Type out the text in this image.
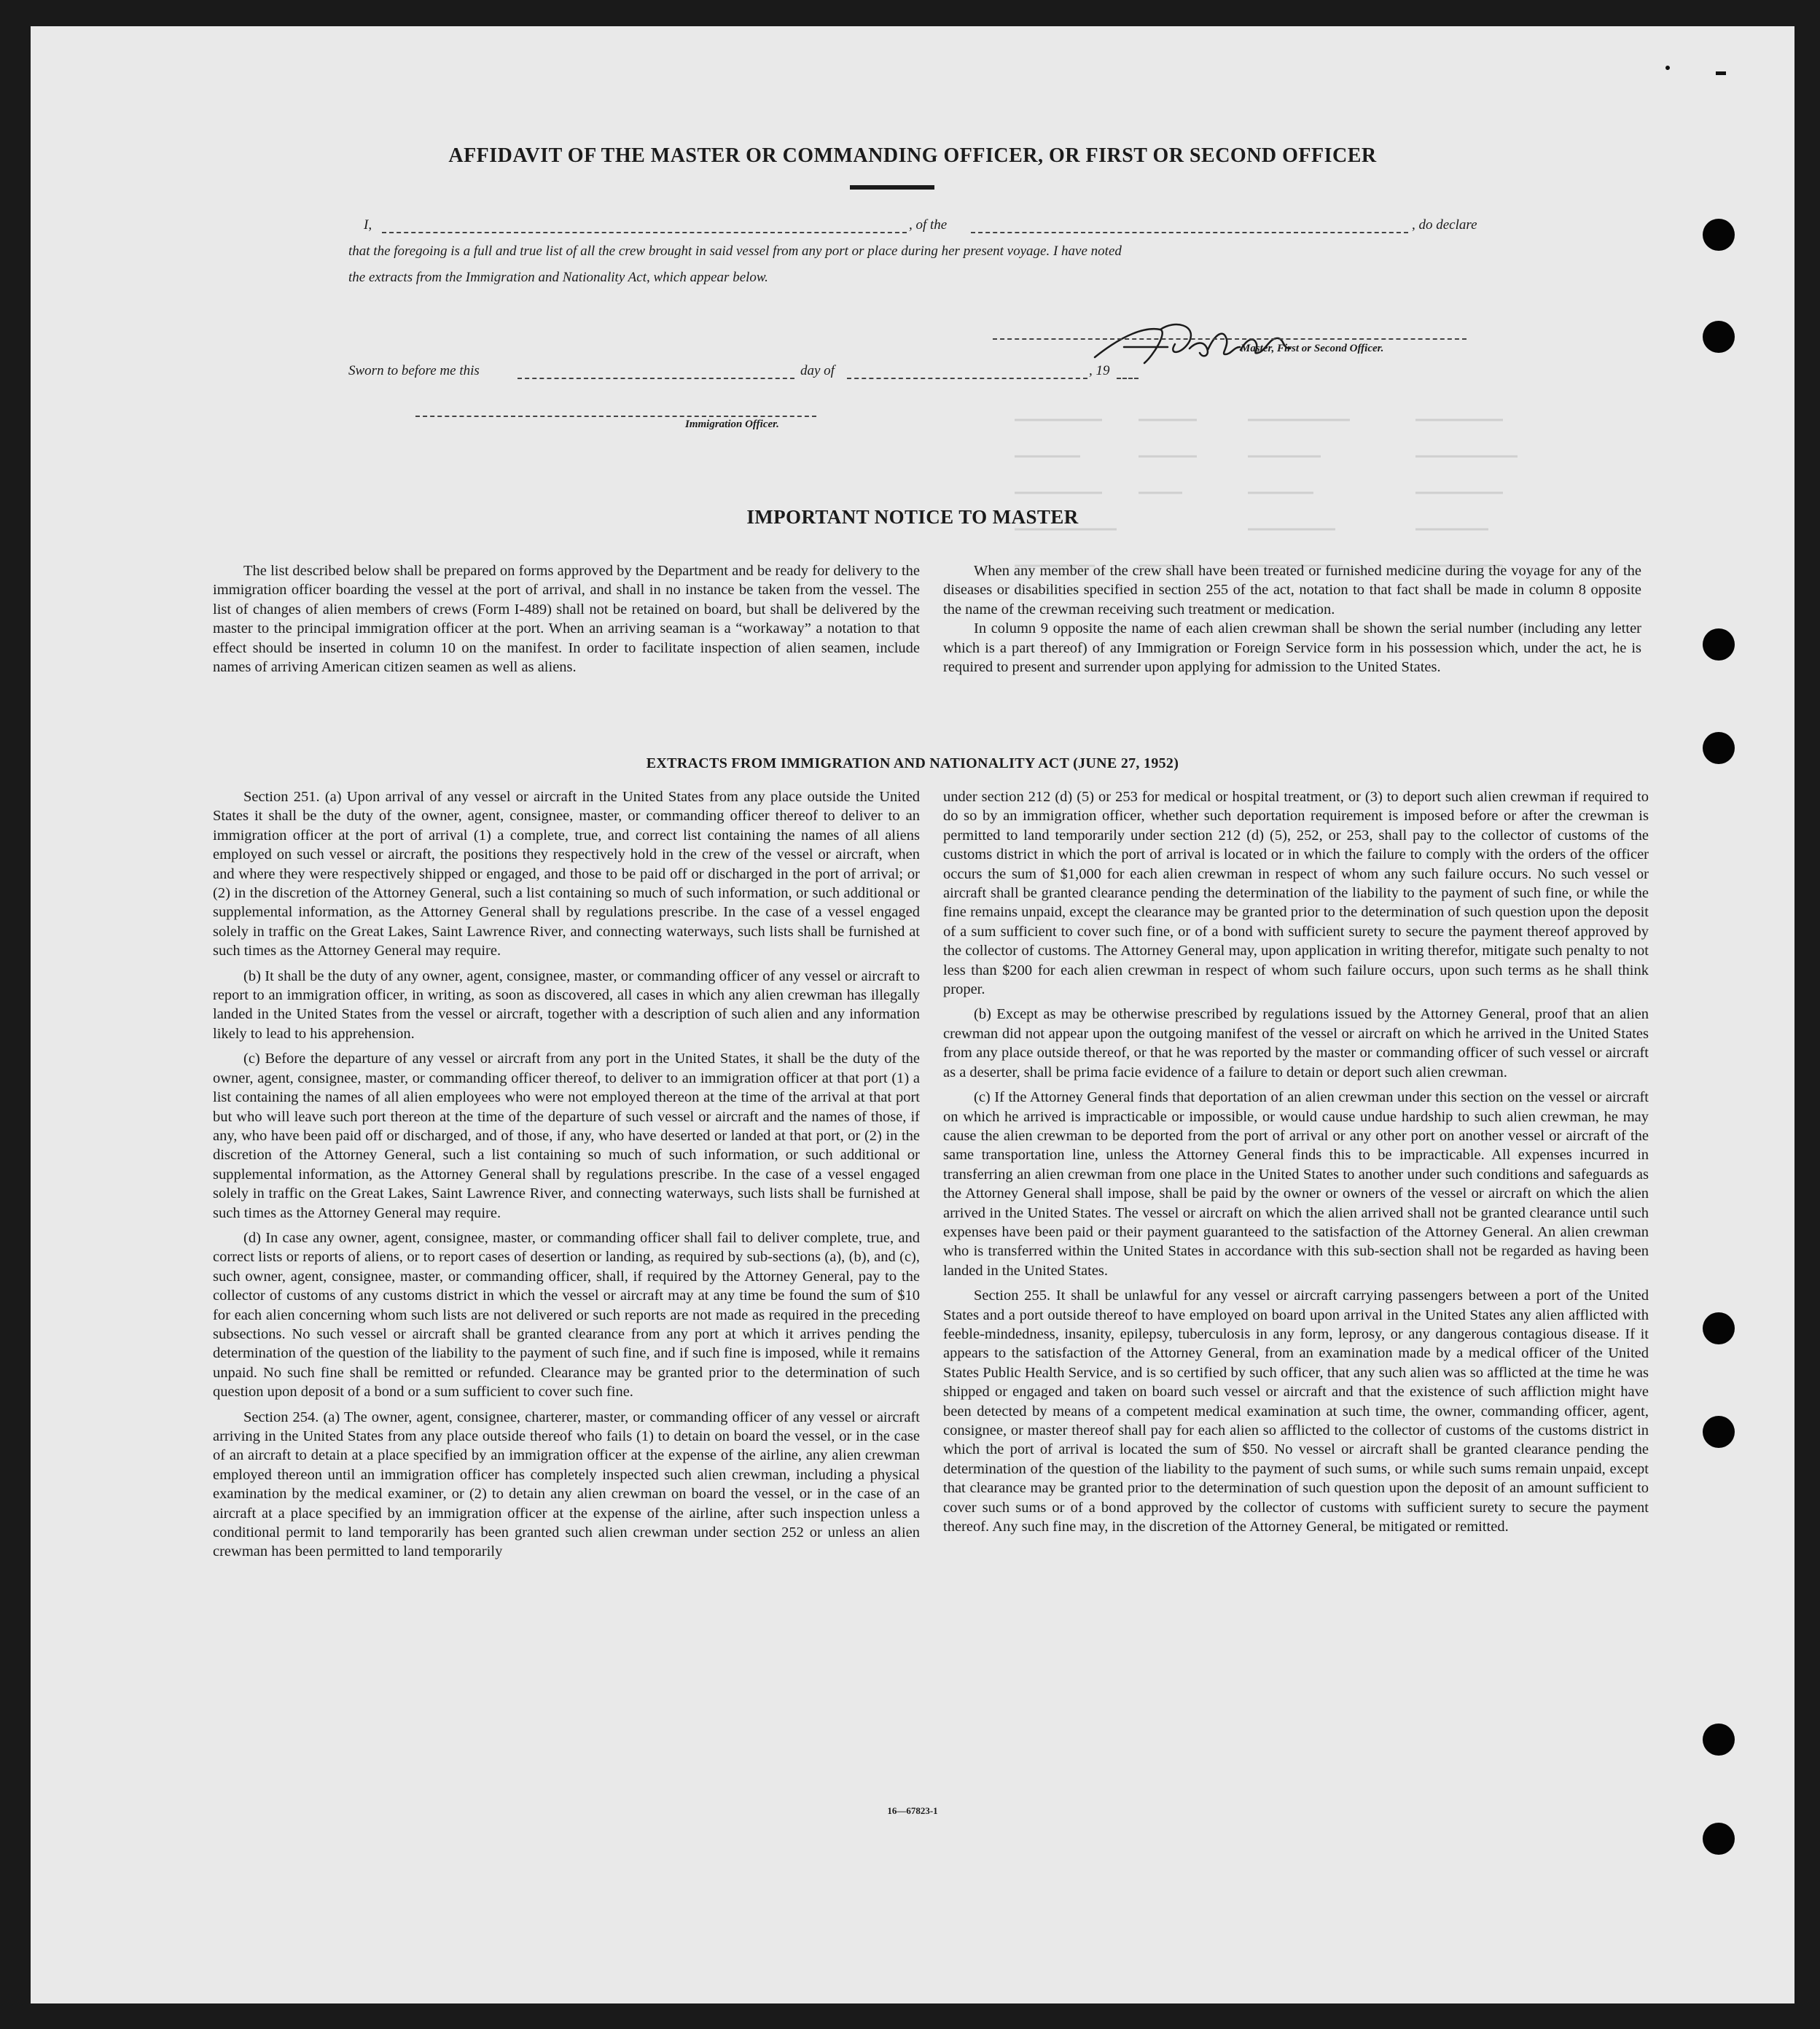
AFFIDAVIT OF THE MASTER OR COMMANDING OFFICER, OR FIRST OR SECOND OFFICER
I,	, of the	, do declare
that the foregoing is a full and true list of all the crew brought in said vessel from any port or place during her present voyage. I have noted
the extracts from the Immigration and Nationality Act, which appear below.
Master, First or Second Officer.
Sworn to before me this	day of	, 19
Immigration Officer.
IMPORTANT NOTICE TO MASTER

The list described below shall be prepared on forms approved by the Department and be ready for delivery to the immigration officer boarding the vessel at the port of arrival, and shall in no instance be taken from the vessel. The list of changes of alien members of crews (Form I-489) shall not be retained on board, but shall be delivered by the master to the principal immigration officer at the port. When an arriving seaman is a “workaway” a notation to that effect should be inserted in column 10 on the manifest. In order to facilitate inspection of alien seamen, include names of arriving American citizen seamen as well as aliens.

When any member of the crew shall have been treated or furnished medicine during the voyage for any of the diseases or disabilities specified in section 255 of the act, notation to that fact shall be made in column 8 opposite the name of the crewman receiving such treatment or medication.

In column 9 opposite the name of each alien crewman shall be shown the serial number (including any letter which is a part thereof) of any Immigration or Foreign Service form in his possession which, under the act, he is required to present and surrender upon applying for admission to the United States.

EXTRACTS FROM IMMIGRATION AND NATIONALITY ACT (JUNE 27, 1952)

Section 251. (a) Upon arrival of any vessel or aircraft in the United States from any place outside the United States it shall be the duty of the owner, agent, consignee, master, or commanding officer thereof to deliver to an immigration officer at the port of arrival (1) a complete, true, and correct list containing the names of all aliens employed on such vessel or aircraft, the positions they respectively hold in the crew of the vessel or aircraft, when and where they were respectively shipped or engaged, and those to be paid off or discharged in the port of arrival; or (2) in the discretion of the Attorney General, such a list containing so much of such information, or such additional or supplemental information, as the Attorney General shall by regulations prescribe. In the case of a vessel engaged solely in traffic on the Great Lakes, Saint Lawrence River, and connecting waterways, such lists shall be furnished at such times as the Attorney General may require.

(b) It shall be the duty of any owner, agent, consignee, master, or commanding officer of any vessel or aircraft to report to an immigration officer, in writing, as soon as discovered, all cases in which any alien crewman has illegally landed in the United States from the vessel or aircraft, together with a description of such alien and any information likely to lead to his apprehension.

(c) Before the departure of any vessel or aircraft from any port in the United States, it shall be the duty of the owner, agent, consignee, master, or commanding officer thereof, to deliver to an immigration officer at that port (1) a list containing the names of all alien employees who were not employed thereon at the time of the arrival at that port but who will leave such port thereon at the time of the departure of such vessel or aircraft and the names of those, if any, who have been paid off or discharged, and of those, if any, who have deserted or landed at that port, or (2) in the discretion of the Attorney General, such a list containing so much of such information, or such additional or supplemental information, as the Attorney General shall by regulations prescribe. In the case of a vessel engaged solely in traffic on the Great Lakes, Saint Lawrence River, and connecting waterways, such lists shall be furnished at such times as the Attorney General may require.

(d) In case any owner, agent, consignee, master, or commanding officer shall fail to deliver complete, true, and correct lists or reports of aliens, or to report cases of desertion or landing, as required by sub-sections (a), (b), and (c), such owner, agent, consignee, master, or commanding officer, shall, if required by the Attorney General, pay to the collector of customs of any customs district in which the vessel or aircraft may at any time be found the sum of $10 for each alien concerning whom such lists are not delivered or such reports are not made as required in the preceding subsections. No such vessel or aircraft shall be granted clearance from any port at which it arrives pending the determination of the question of the liability to the payment of such fine, and if such fine is imposed, while it remains unpaid. No such fine shall be remitted or refunded. Clearance may be granted prior to the determination of such question upon deposit of a bond or a sum sufficient to cover such fine.

Section 254. (a) The owner, agent, consignee, charterer, master, or commanding officer of any vessel or aircraft arriving in the United States from any place outside thereof who fails (1) to detain on board the vessel, or in the case of an aircraft to detain at a place specified by an immigration officer at the expense of the airline, any alien crewman employed thereon until an immigration officer has completely inspected such alien crewman, including a physical examination by the medical examiner, or (2) to detain any alien crewman on board the vessel, or in the case of an aircraft at a place specified by an immigration officer at the expense of the airline, after such inspection unless a conditional permit to land temporarily has been granted such alien crewman under section 252 or unless an alien crewman has been permitted to land temporarily

under section 212 (d) (5) or 253 for medical or hospital treatment, or (3) to deport such alien crewman if required to do so by an immigration officer, whether such deportation requirement is imposed before or after the crewman is permitted to land temporarily under section 212 (d) (5), 252, or 253, shall pay to the collector of customs of the customs district in which the port of arrival is located or in which the failure to comply with the orders of the officer occurs the sum of $1,000 for each alien crewman in respect of whom any such failure occurs. No such vessel or aircraft shall be granted clearance pending the determination of the liability to the payment of such fine, or while the fine remains unpaid, except the clearance may be granted prior to the determination of such question upon the deposit of a sum sufficient to cover such fine, or of a bond with sufficient surety to secure the payment thereof approved by the collector of customs. The Attorney General may, upon application in writing therefor, mitigate such penalty to not less than $200 for each alien crewman in respect of whom such failure occurs, upon such terms as he shall think proper.

(b) Except as may be otherwise prescribed by regulations issued by the Attorney General, proof that an alien crewman did not appear upon the outgoing manifest of the vessel or aircraft on which he arrived in the United States from any place outside thereof, or that he was reported by the master or commanding officer of such vessel or aircraft as a deserter, shall be prima facie evidence of a failure to detain or deport such alien crewman.

(c) If the Attorney General finds that deportation of an alien crewman under this section on the vessel or aircraft on which he arrived is impracticable or impossible, or would cause undue hardship to such alien crewman, he may cause the alien crewman to be deported from the port of arrival or any other port on another vessel or aircraft of the same transportation line, unless the Attorney General finds this to be impracticable. All expenses incurred in transferring an alien crewman from one place in the United States to another under such conditions and safeguards as the Attorney General shall impose, shall be paid by the owner or owners of the vessel or aircraft on which the alien arrived in the United States. The vessel or aircraft on which the alien arrived shall not be granted clearance until such expenses have been paid or their payment guaranteed to the satisfaction of the Attorney General. An alien crewman who is transferred within the United States in accordance with this sub-section shall not be regarded as having been landed in the United States.

Section 255. It shall be unlawful for any vessel or aircraft carrying passengers between a port of the United States and a port outside thereof to have employed on board upon arrival in the United States any alien afflicted with feeble-mindedness, insanity, epilepsy, tuberculosis in any form, leprosy, or any dangerous contagious disease. If it appears to the satisfaction of the Attorney General, from an examination made by a medical officer of the United States Public Health Service, and is so certified by such officer, that any such alien was so afflicted at the time he was shipped or engaged and taken on board such vessel or aircraft and that the existence of such affliction might have been detected by means of a competent medical examination at such time, the owner, commanding officer, agent, consignee, or master thereof shall pay for each alien so afflicted to the collector of customs of the customs district in which the port of arrival is located the sum of $50. No vessel or aircraft shall be granted clearance pending the determination of the question of the liability to the payment of such sums, or while such sums remain unpaid, except that clearance may be granted prior to the determination of such question upon the deposit of an amount sufficient to cover such sums or of a bond approved by the collector of customs with sufficient surety to secure the payment thereof. Any such fine may, in the discretion of the Attorney General, be mitigated or remitted.

16—67823-1
